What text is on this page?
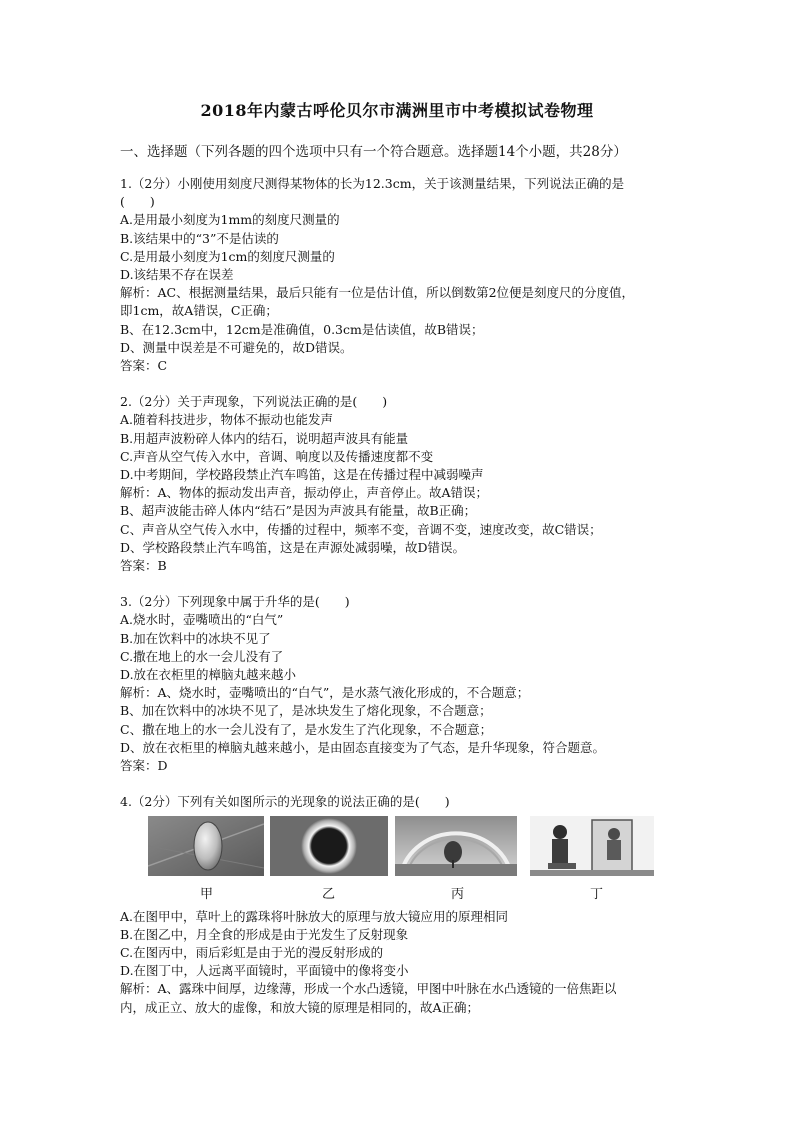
2018年内蒙古呼伦贝尔市满洲里市中考模拟试卷物理
一、选择题（下列各题的四个选项中只有一个符合题意。选择题14个小题，共28分）
1.（2分）小刚使用刻度尺测得某物体的长为12.3cm，关于该测量结果，下列说法正确的是
(　　)
A.是用最小刻度为1mm的刻度尺测量的
B.该结果中的“3”不是估读的
C.是用最小刻度为1cm的刻度尺测量的
D.该结果不存在误差
解析：AC、根据测量结果，最后只能有一位是估计值，所以倒数第2位便是刻度尺的分度值，
即1cm，故A错误，C正确；
B、在12.3cm中，12cm是准确值，0.3cm是估读值，故B错误；
D、测量中误差是不可避免的，故D错误。
答案：C
2.（2分）关于声现象，下列说法正确的是(　　)
A.随着科技进步，物体不振动也能发声
B.用超声波粉碎人体内的结石，说明超声波具有能量
C.声音从空气传入水中，音调、响度以及传播速度都不变
D.中考期间，学校路段禁止汽车鸣笛，这是在传播过程中减弱噪声
解析：A、物体的振动发出声音，振动停止，声音停止。故A错误；
B、超声波能击碎人体内“结石”是因为声波具有能量，故B正确；
C、声音从空气传入水中，传播的过程中，频率不变，音调不变，速度改变，故C错误；
D、学校路段禁止汽车鸣笛，这是在声源处减弱噪，故D错误。
答案：B
3.（2分）下列现象中属于升华的是(　　)
A.烧水时，壶嘴喷出的“白气”
B.加在饮料中的冰块不见了
C.撒在地上的水一会儿没有了
D.放在衣柜里的樟脑丸越来越小
解析：A、烧水时，壶嘴喷出的“白气”，是水蒸气液化形成的，不合题意；
B、加在饮料中的冰块不见了，是冰块发生了熔化现象，不合题意；
C、撒在地上的水一会儿没有了，是水发生了汽化现象，不合题意；
D、放在衣柜里的樟脑丸越来越小，是由固态直接变为了气态，是升华现象，符合题意。
答案：D
4.（2分）下列有关如图所示的光现象的说法正确的是(　　)
甲	乙	丙	丁
A.在图甲中，草叶上的露珠将叶脉放大的原理与放大镜应用的原理相同
B.在图乙中，月全食的形成是由于光发生了反射现象
C.在图丙中，雨后彩虹是由于光的漫反射形成的
D.在图丁中，人远离平面镜时，平面镜中的像将变小
解析：A、露珠中间厚，边缘薄，形成一个水凸透镜，甲图中叶脉在水凸透镜的一倍焦距以
内，成正立、放大的虚像，和放大镜的原理是相同的，故A正确；
